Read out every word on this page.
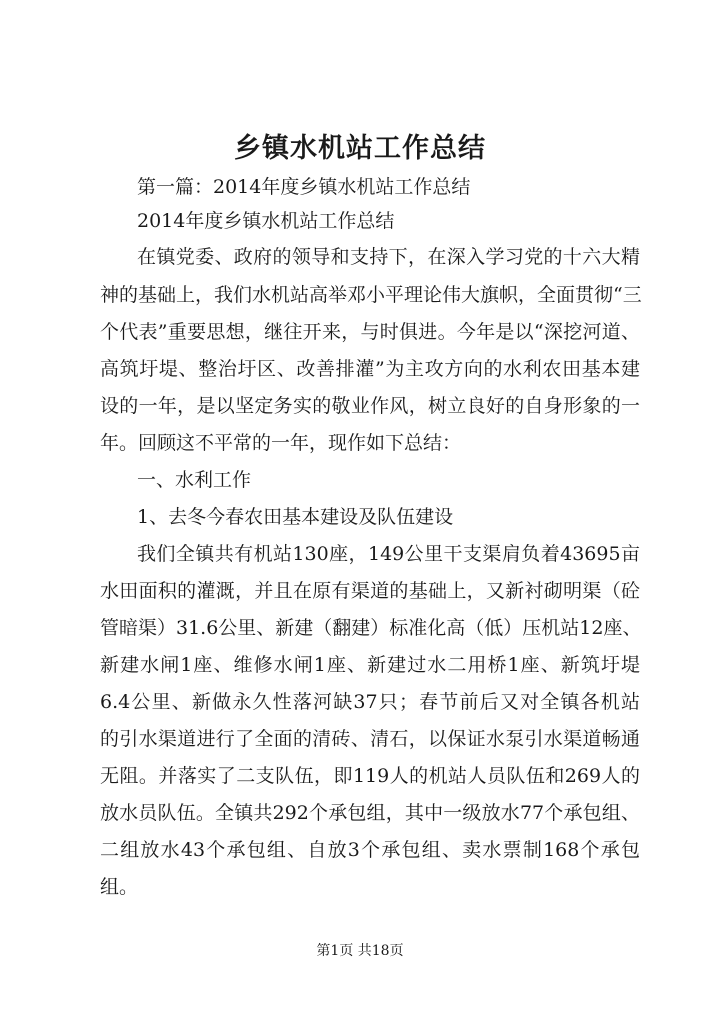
乡镇水机站工作总结

第一篇：2014年度乡镇水机站工作总结

2014年度乡镇水机站工作总结

在镇党委、政府的领导和支持下，在深入学习党的十六大精

神的基础上，我们水机站高举邓小平理论伟大旗帜，全面贯彻“三

个代表”重要思想，继往开来，与时俱进。今年是以“深挖河道、

高筑圩堤、整治圩区、改善排灌”为主攻方向的水利农田基本建

设的一年，是以坚定务实的敬业作风，树立良好的自身形象的一

年。回顾这不平常的一年，现作如下总结：

一、水利工作

1、去冬今春农田基本建设及队伍建设

我们全镇共有机站130座，149公里干支渠肩负着43695亩

水田面积的灌溉，并且在原有渠道的基础上，又新衬砌明渠（砼

管暗渠）31.6公里、新建（翻建）标准化高（低）压机站12座、

新建水闸1座、维修水闸1座、新建过水二用桥1座、新筑圩堤

6.4公里、新做永久性落河缺37只；春节前后又对全镇各机站

的引水渠道进行了全面的清砖、清石，以保证水泵引水渠道畅通

无阻。并落实了二支队伍，即119人的机站人员队伍和269人的

放水员队伍。全镇共292个承包组，其中一级放水77个承包组、

二组放水43个承包组、自放3个承包组、卖水票制168个承包

组。

第1页 共18页
